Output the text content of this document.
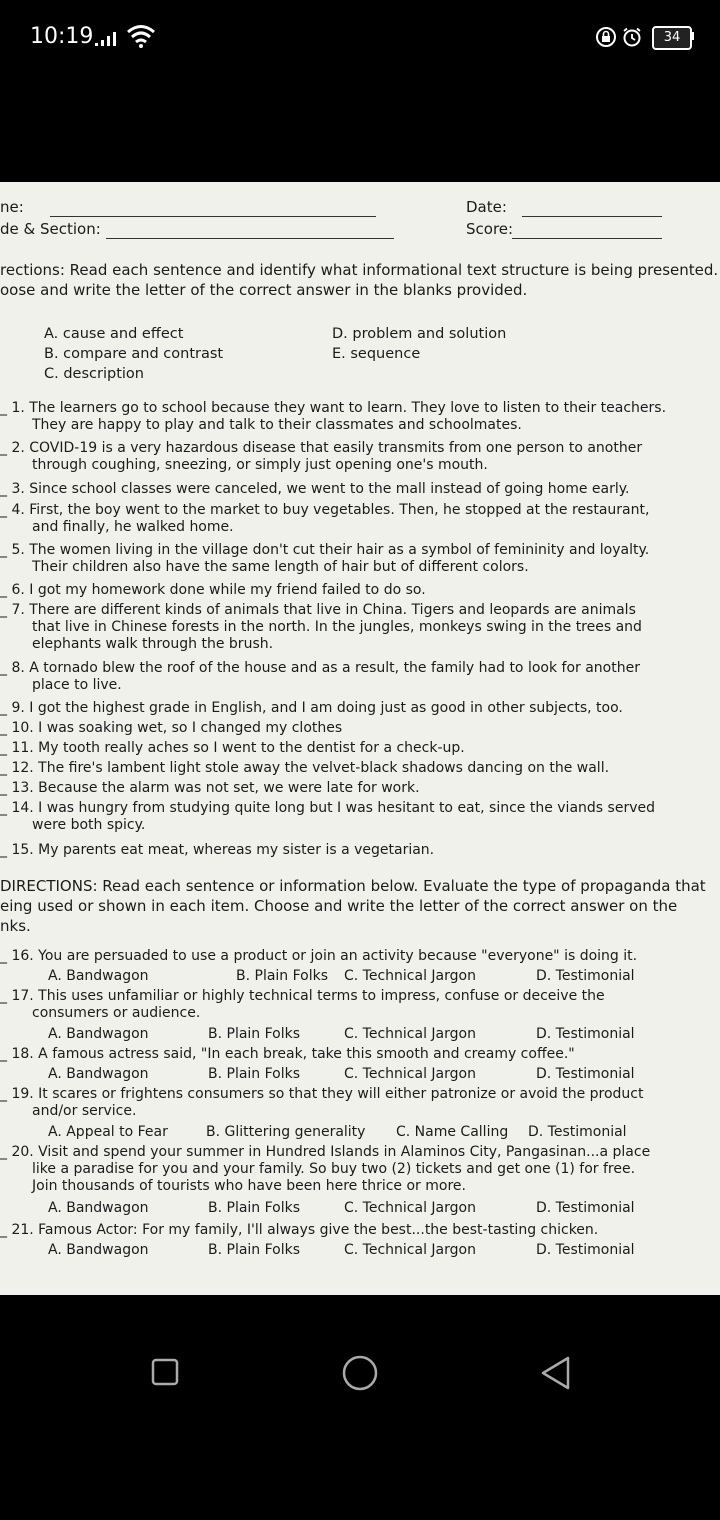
10:19	34
ne:	Date:
de & Section:	Score:
rections: Read each sentence and identify what informational text structure is being presented.
oose and write the letter of the correct answer in the blanks provided.
A. cause and effect
B. compare and contrast
C. description
D. problem and solution
E. sequence
_ 1. The learners go to school because they want to learn. They love to listen to their teachers.
They are happy to play and talk to their classmates and schoolmates.
_ 2. COVID-19 is a very hazardous disease that easily transmits from one person to another
through coughing, sneezing, or simply just opening one's mouth.
_ 3. Since school classes were canceled, we went to the mall instead of going home early.
_ 4. First, the boy went to the market to buy vegetables. Then, he stopped at the restaurant,
and finally, he walked home.
_ 5. The women living in the village don't cut their hair as a symbol of femininity and loyalty.
Their children also have the same length of hair but of different colors.
_ 6. I got my homework done while my friend failed to do so.
_ 7. There are different kinds of animals that live in China. Tigers and leopards are animals
that live in Chinese forests in the north. In the jungles, monkeys swing in the trees and
elephants walk through the brush.
_ 8. A tornado blew the roof of the house and as a result, the family had to look for another
place to live.
_ 9. I got the highest grade in English, and I am doing just as good in other subjects, too.
_ 10. I was soaking wet, so I changed my clothes
_ 11. My tooth really aches so I went to the dentist for a check-up.
_ 12. The fire's lambent light stole away the velvet-black shadows dancing on the wall.
_ 13. Because the alarm was not set, we were late for work.
_ 14. I was hungry from studying quite long but I was hesitant to eat, since the viands served
were both spicy.
_ 15. My parents eat meat, whereas my sister is a vegetarian.
DIRECTIONS: Read each sentence or information below. Evaluate the type of propaganda that
eing used or shown in each item. Choose and write the letter of the correct answer on the
nks.
_ 16. You are persuaded to use a product or join an activity because "everyone" is doing it.
A. Bandwagon	B. Plain Folks C. Technical Jargon	D. Testimonial
_ 17. This uses unfamiliar or highly technical terms to impress, confuse or deceive the
consumers or audience.
A. Bandwagon	B. Plain Folks	C. Technical Jargon	D. Testimonial
_ 18. A famous actress said, "In each break, take this smooth and creamy coffee."
A. Bandwagon	B. Plain Folks	C. Technical Jargon	D. Testimonial
_ 19. It scares or frightens consumers so that they will either patronize or avoid the product
and/or service.
A. Appeal to Fear	B. Glittering generality C. Name Calling D. Testimonial
_ 20. Visit and spend your summer in Hundred Islands in Alaminos City, Pangasinan...a place
like a paradise for you and your family. So buy two (2) tickets and get one (1) for free.
Join thousands of tourists who have been here thrice or more.
A. Bandwagon	B. Plain Folks	C. Technical Jargon	D. Testimonial
_ 21. Famous Actor: For my family, I'll always give the best...the best-tasting chicken.
A. Bandwagon	B. Plain Folks	C. Technical Jargon	D. Testimonial
